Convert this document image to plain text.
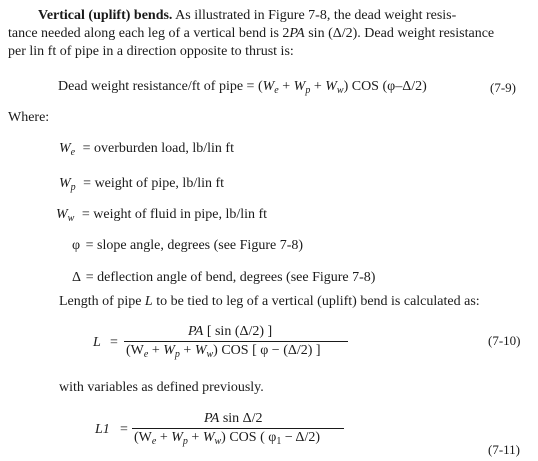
Vertical (uplift) bends. As illustrated in Figure 7-8, the dead weight resis-
tance needed along each leg of a vertical bend is 2PA sin (Δ/2). Dead weight resistance
per lin ft of pipe in a direction opposite to thrust is:
Dead weight resistance/ft of pipe = $(W_e + W_p + W_w)$ COS (φ–Δ/2)	(7-9)
Where:
$W_e$ = overburden load, lb/lin ft
$W_p$ = weight of pipe, lb/lin ft
$W_w$ = weight of fluid in pipe, lb/lin ft
φ = slope angle, degrees (see Figure 7-8)
Δ = deflection angle of bend, degrees (see Figure 7-8)
Length of pipe L to be tied to leg of a vertical (uplift) bend is calculated as:
L =
PA [ sin (Δ/2) ]
$(W_e + W_p + W_w)$ COS [ φ − (Δ/2) ]
(7-10)
with variables as defined previously.
L1 =
PA sin Δ/2
$(W_e + W_p + W_w)$ COS ( $\varphi_1 - \Delta/2$)
(7-11)
